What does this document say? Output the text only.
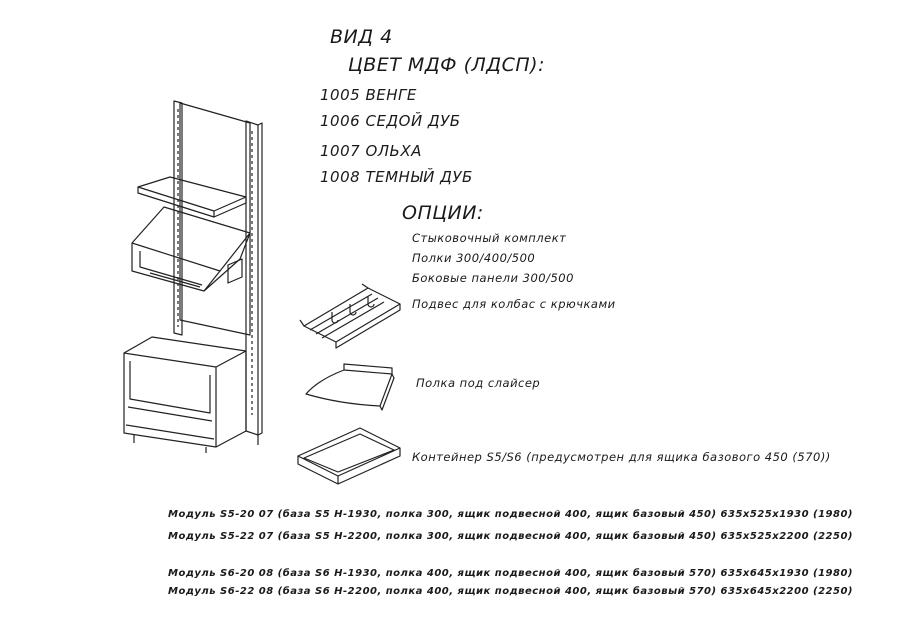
ВИД 4
ЦВЕТ МДФ (ЛДСП):
1005 ВЕНГЕ
1006 СЕДОЙ ДУБ
1007 ОЛЬХА
1008 ТЕМНЫЙ ДУБ
ОПЦИИ:
Стыковочный комплект
Полки 300/400/500
Боковые панели 300/500
Подвес для колбас с крючками
Полка под слайсер
Контейнер S5/S6 (предусмотрен для ящика базового 450 (570))
Модуль S5-20 07 (база S5 H-1930, полка 300, ящик подвесной 400, ящик базовый 450) 635х525х1930 (1980)
Модуль S5-22 07 (база S5 H-2200, полка 300, ящик подвесной 400, ящик базовый 450) 635х525х2200 (2250)
Модуль S6-20 08 (база S6 H-1930, полка 400, ящик подвесной 400, ящик базовый 570) 635х645х1930 (1980)
Модуль S6-22 08 (база S6 H-2200, полка 400, ящик подвесной 400, ящик базовый 570) 635х645х2200 (2250)
